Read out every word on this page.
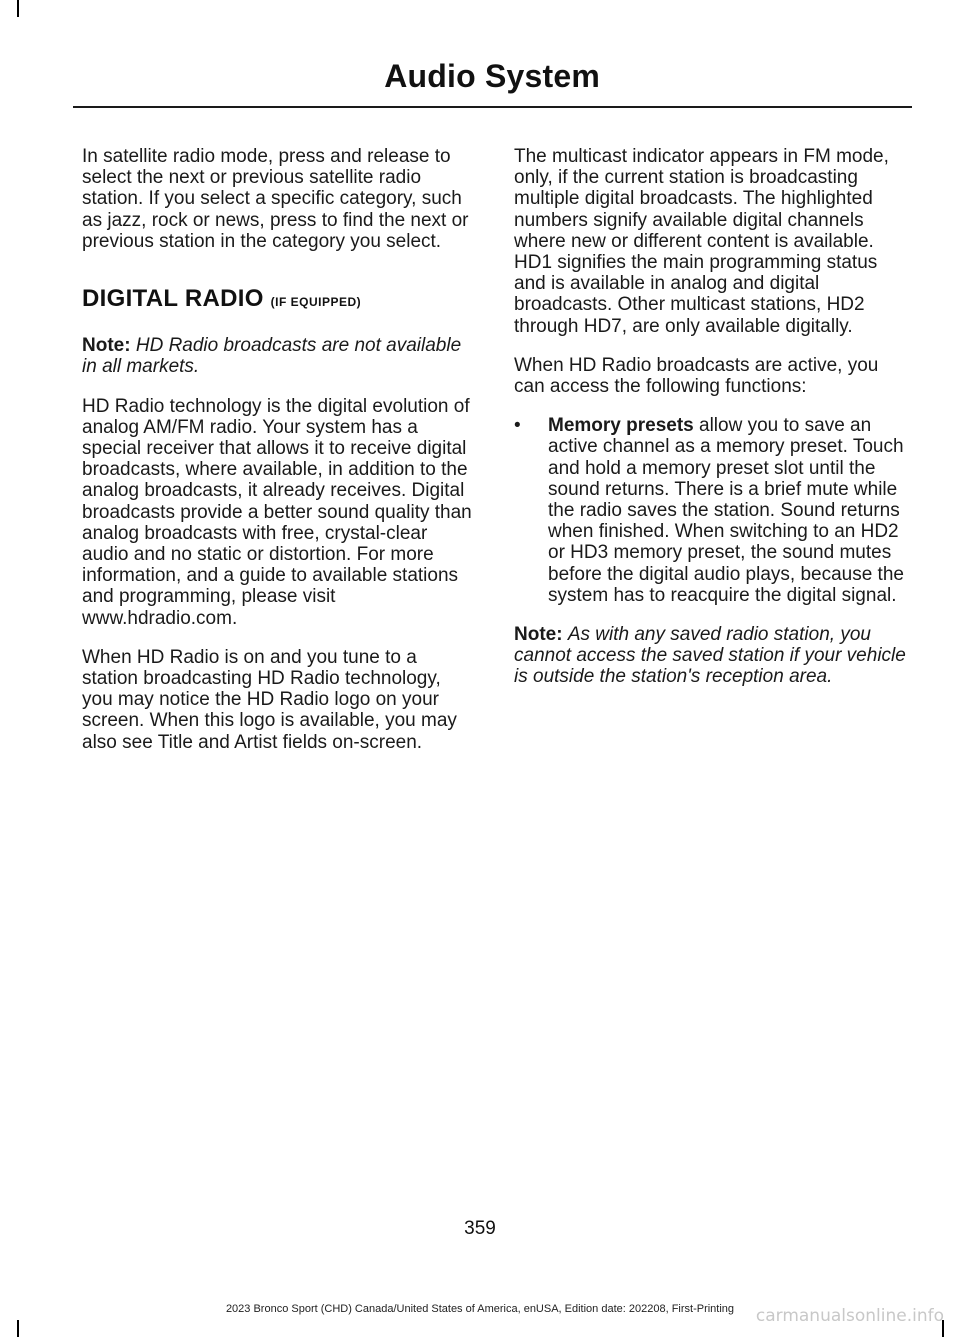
Audio System

In satellite radio mode, press and release to select the next or previous satellite radio station. If you select a specific category, such as jazz, rock or news, press to find the next or previous station in the category you select.

DIGITAL RADIO (IF EQUIPPED)

Note: HD Radio broadcasts are not available in all markets.

HD Radio technology is the digital evolution of analog AM/FM radio. Your system has a special receiver that allows it to receive digital broadcasts, where available, in addition to the analog broadcasts, it already receives. Digital broadcasts provide a better sound quality than analog broadcasts with free, crystal-clear audio and no static or distortion. For more information, and a guide to available stations and programming, please visit www.hdradio.com.

When HD Radio is on and you tune to a station broadcasting HD Radio technology, you may notice the HD Radio logo on your screen. When this logo is available, you may also see Title and Artist fields on-screen.

The multicast indicator appears in FM mode, only, if the current station is broadcasting multiple digital broadcasts. The highlighted numbers signify available digital channels where new or different content is available. HD1 signifies the main programming status and is available in analog and digital broadcasts. Other multicast stations, HD2 through HD7, are only available digitally.

When HD Radio broadcasts are active, you can access the following functions:

• Memory presets allow you to save an active channel as a memory preset. Touch and hold a memory preset slot until the sound returns. There is a brief mute while the radio saves the station. Sound returns when finished. When switching to an HD2 or HD3 memory preset, the sound mutes before the digital audio plays, because the system has to reacquire the digital signal.

Note: As with any saved radio station, you cannot access the saved station if your vehicle is outside the station's reception area.

359
2023 Bronco Sport (CHD) Canada/United States of America, enUSA, Edition date: 202208, First-Printing	carmanualsonline.info
